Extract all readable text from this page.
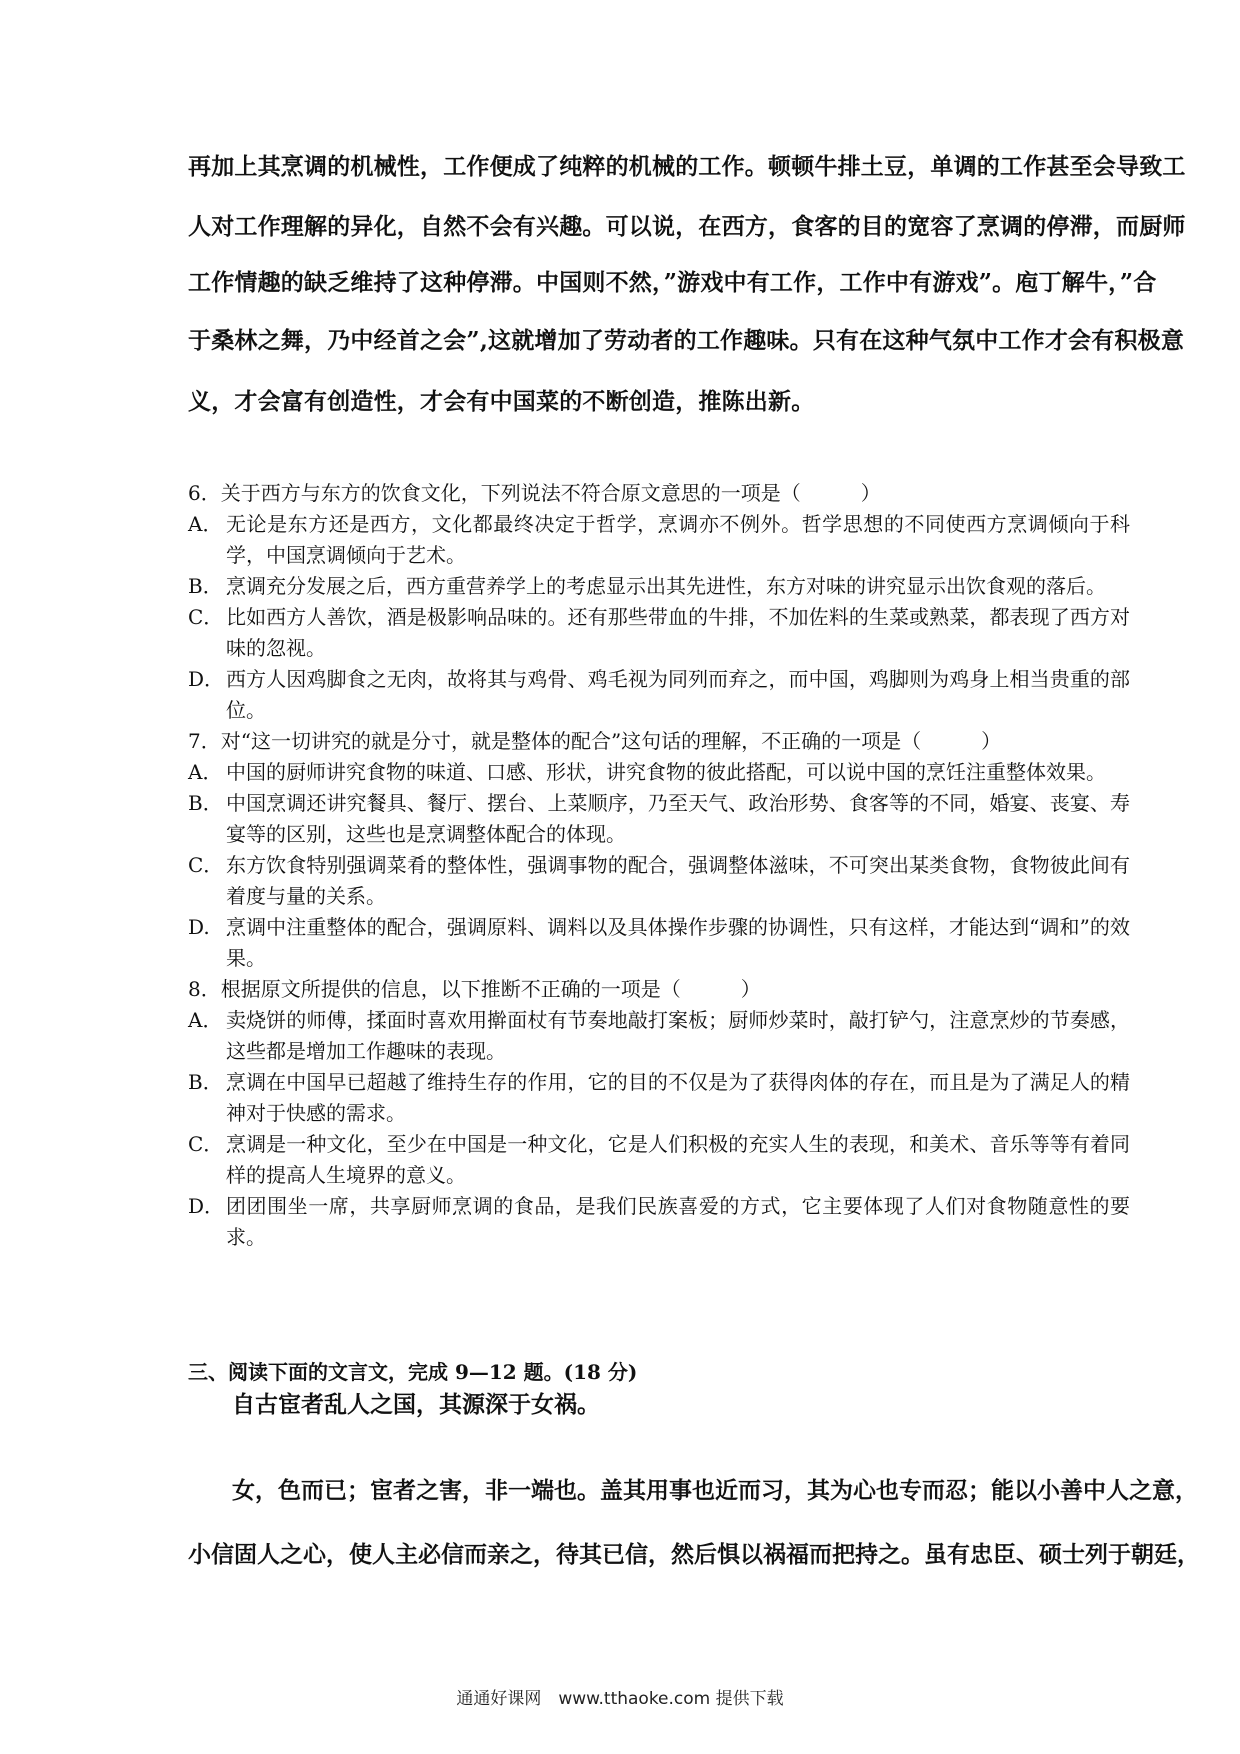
再加上其烹调的机械性，工作便成了纯粹的机械的工作。顿顿牛排土豆，单调的工作甚至会导致工
人对工作理解的异化，自然不会有兴趣。可以说，在西方，食客的目的宽容了烹调的停滞，而厨师
工作情趣的缺乏维持了这种停滞。中国则不然，”游戏中有工作，工作中有游戏”。庖丁解牛，”合
于桑林之舞，乃中经首之会”,这就增加了劳动者的工作趣味。只有在这种气氛中工作才会有积极意
义，才会富有创造性，才会有中国菜的不断创造，推陈出新。
6．关于西方与东方的饮食文化，下列说法不符合原文意思的一项是（　　　）
A． 无论是东方还是西方，文化都最终决定于哲学，烹调亦不例外。哲学思想的不同使西方烹调倾向于科学，中国烹调倾向于艺术。
B． 烹调充分发展之后，西方重营养学上的考虑显示出其先进性，东方对味的讲究显示出饮食观的落后。
C． 比如西方人善饮，酒是极影响品味的。还有那些带血的牛排，不加佐料的生菜或熟菜，都表现了西方对味的忽视。
D． 西方人因鸡脚食之无肉，故将其与鸡骨、鸡毛视为同列而弃之，而中国，鸡脚则为鸡身上相当贵重的部位。
7．对“这一切讲究的就是分寸，就是整体的配合”这句话的理解，不正确的一项是（　　　）
A． 中国的厨师讲究食物的味道、口感、形状，讲究食物的彼此搭配，可以说中国的烹饪注重整体效果。
B． 中国烹调还讲究餐具、餐厅、摆台、上菜顺序，乃至天气、政治形势、食客等的不同，婚宴、丧宴、寿宴等的区别，这些也是烹调整体配合的体现。
C． 东方饮食特别强调菜肴的整体性，强调事物的配合，强调整体滋味，不可突出某类食物，食物彼此间有着度与量的关系。
D. 烹调中注重整体的配合，强调原料、调料以及具体操作步骤的协调性，只有这样，才能达到“调和”的效果。
8．根据原文所提供的信息，以下推断不正确的一项是（　　　）
A． 卖烧饼的师傅，揉面时喜欢用擀面杖有节奏地敲打案板；厨师炒菜时，敲打铲勺，注意烹炒的节奏感，这些都是增加工作趣味的表现。
B． 烹调在中国早已超越了维持生存的作用，它的目的不仅是为了获得肉体的存在，而且是为了满足人的精神对于快感的需求。
C． 烹调是一种文化，至少在中国是一种文化，它是人们积极的充实人生的表现，和美术、音乐等等有着同样的提高人生境界的意义。
D． 团团围坐一席，共享厨师烹调的食品，是我们民族喜爱的方式，它主要体现了人们对食物随意性的要求。
三、阅读下面的文言文，完成 9—12 题。(18 分)
自古宦者乱人之国，其源深于女祸。
女，色而已；宦者之害，非一端也。盖其用事也近而习，其为心也专而忍；能以小善中人之意，
小信固人之心，使人主必信而亲之，待其已信，然后惧以祸福而把持之。虽有忠臣、硕士列于朝廷，
通通好课网　www.tthaoke.com 提供下载
